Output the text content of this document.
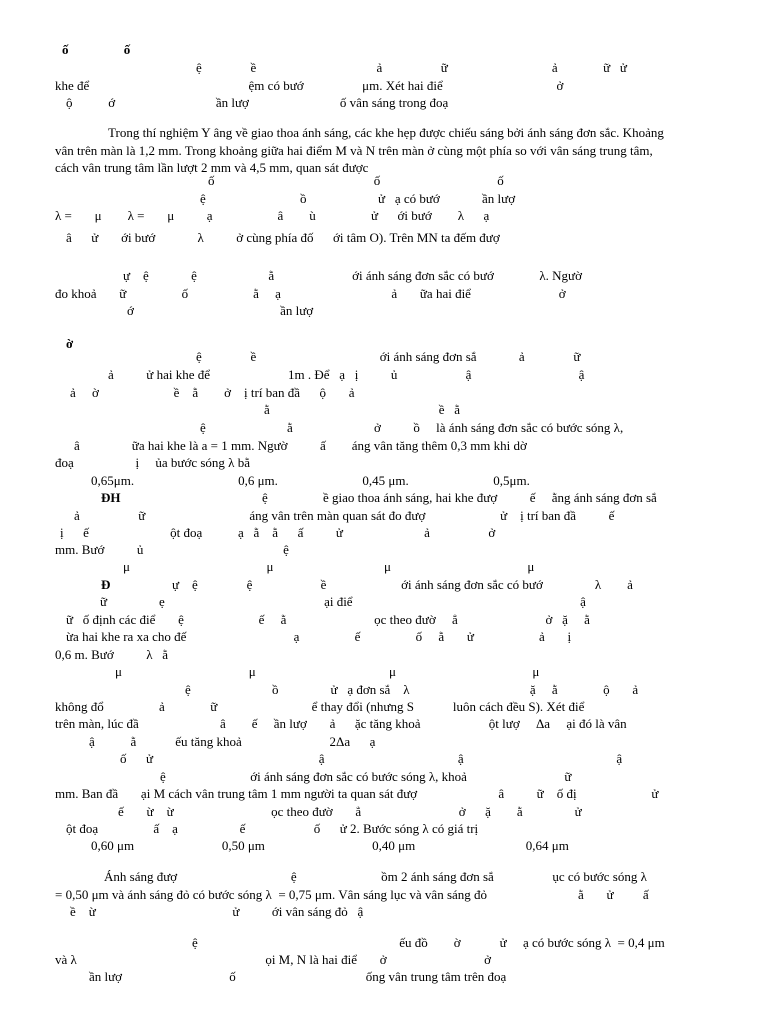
ố                 ố
ệ               ề                                     ả                  ữ                                ả              ữ   ử
khe để                                                 ệm có bướ                  μm. Xét hai điể                                   ở
ộ           ớ                               ần lượ                            ố vân sáng trong đoạ
Trong thí nghiệm Y âng về giao thoa ánh sáng, các khe hẹp được chiếu sáng bởi ánh sáng đơn sắc. Khoảng
vân trên màn là 1,2 mm. Trong khoảng giữa hai điểm M và N trên màn ở cùng một phía so với vân sáng trung tâm,
cách vân trung tâm lần lượt 2 mm và 4,5 mm, quan sát được
ố                                                 ố                                    ố
ệ                             ồ                      ử   ạ có bướ             ần lượ
λ =       μ        λ =       μ          ạ                    â        ù                 ử      ới bướ        λ      ạ
â      ử       ới bướ             λ          ở cùng phía đố      ới tâm O). Trên MN ta đếm đượ
ự    ệ             ệ                      ằ                        ới ánh sáng đơn sắc có bướ              λ. Ngườ
đo khoả       ữ                 ố                    ằ     ạ                                  ả       ữa hai điể                           ở
ớ                                             ần lượ
ờ
ệ               ề                                      ới ánh sáng đơn sắ             ả               ữ
ả          ử hai khe để                        1m . Để   ạ   ị          ủ                     ậ                                 ậ
ả     ờ                       ề    ằ        ở    ị trí ban đầ      ộ       ả
ằ                                                    ề   ằ
ệ                         ằ                         ở          ồ     là ánh sáng đơn sắc có bước sóng λ,
â                ữa hai khe là a = 1 mm. Ngườ          ấ        áng vân tăng thêm 0,3 mm khi dờ
đoạ                   ị     ủa bước sóng λ bằ
0,65μm.                                0,6 μm.                          0,45 μm.                          0,5μm.
ĐH	ệ                 ề giao thoa ánh sáng, hai khe đượ          ế     ằng ánh sáng đơn sắ
ả                  ữ                                áng vân trên màn quan sát đo đượ                       ử    ị trí ban đầ          ế
ị      ế                         ột đoạ           ạ   ằ    ằ      ấ          ử                         ả                  ở
mm. Bướ          ủ                                           ệ
μ                                          μ                                  μ                                          μ
Đ	ự    ệ               ệ                     ề                       ới ánh sáng đơn sắc có bướ                λ        ả
ữ                ẹ                                                 ại điể                                                                      ậ
ữ   ố định các điể       ệ                       ế     ằ                           ọc theo đườ     ẳ                           ở   ặ     ằ
ừa hai khe ra xa cho đế                                 ạ                 ế                 ố     ằ       ử                    ả       ị
0,6 m. Bướ          λ   ằ
μ                                       μ                                         μ                                          μ
ệ                         ồ                ử   ạ đơn sắ    λ                                     ặ     ằ              ộ       ả
không đổ                 ả              ữ                             ể thay đổi (nhưng S            luôn cách đều S). Xét điể
trên màn, lúc đầ                         â        ế     ần lượ       ả      ặc tăng khoả                     ột lượ     Δa     ại đó là vân
ậ           ằ            ếu tăng khoả                           2Δa      ạ
ố      ử                                                   ậ                                         ậ                                               ậ
ệ                          ới ánh sáng đơn sắc có bước sóng λ, khoả                              ữ
mm. Ban đầ       ại M cách vân trung tâm 1 mm người ta quan sát đượ                         â          ữ    ố đị                       ử
ế       ừ    ừ                              ọc theo đườ       ẳ                              ở      ặ        ằ                ử
ột đoạ                 ấ    ạ                   ế                     ố      ử 2. Bước sóng λ có giá trị
0,60 μm                           0,50 μm                                 0,40 μm                                  0,64 μm
Ánh sáng đượ                                   ệ                          ồm 2 ánh sáng đơn sắ                  ục có bước sóng λ
= 0,50 μm và ánh sáng đỏ có bước sóng λ  = 0,75 μm. Vân sáng lục và vân sáng đỏ                            ằ       ử         ấ
ề    ừ                                          ử          ới vân sáng đỏ   ậ
ệ                                                              ếu đồ        ờ            ử     ạ có bước sóng λ  = 0,4 μm
và λ                                                          ọi M, N là hai điể       ở                              ở
ần lượ                                 ố                                        ống vân trung tâm trên đoạ
